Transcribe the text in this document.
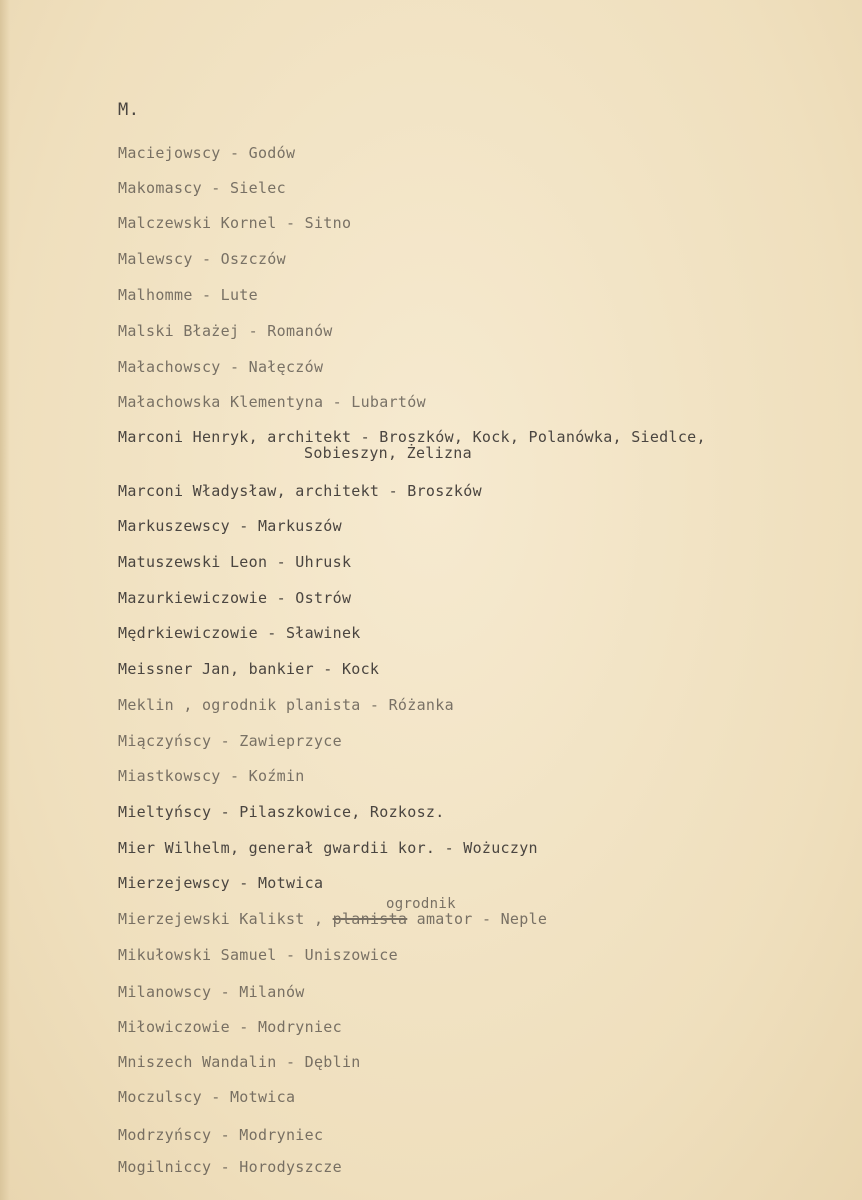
M.
Maciejowscy - Godów
Makomascy - Sielec
Malczewski Kornel - Sitno
Malewscy - Oszczów
Malhomme - Lute
Malski Błażej - Romanów
Małachowscy - Nałęczów
Małachowska Klementyna - Lubartów
Marconi Henryk, architekt - Broszków, Kock, Polanówka, Siedlce,
Sobieszyn, Żelizna
Marconi Władysław, architekt - Broszków
Markuszewscy - Markuszów
Matuszewski Leon - Uhrusk
Mazurkiewiczowie - Ostrów
Mędrkiewiczowie - Sławinek
Meissner Jan, bankier - Kock
Meklin , ogrodnik planista - Różanka
Miączyńscy - Zawieprzyce
Miastkowscy - Koźmin
Mieltyńscy - Pilaszkowice, Rozkosz.
Mier Wilhelm, generał gwardii kor. - Wożuczyn
Mierzejewscy - Motwica
Mierzejewski Kalikst ,
ogrodnik
planista amator - Neple
Mikułowski Samuel - Uniszowice
Milanowscy - Milanów
Miłowiczowie - Modryniec
Mniszech Wandalin - Dęblin
Moczulscy - Motwica
Modrzyńscy - Modryniec
Mogilniccy - Horodyszcze
